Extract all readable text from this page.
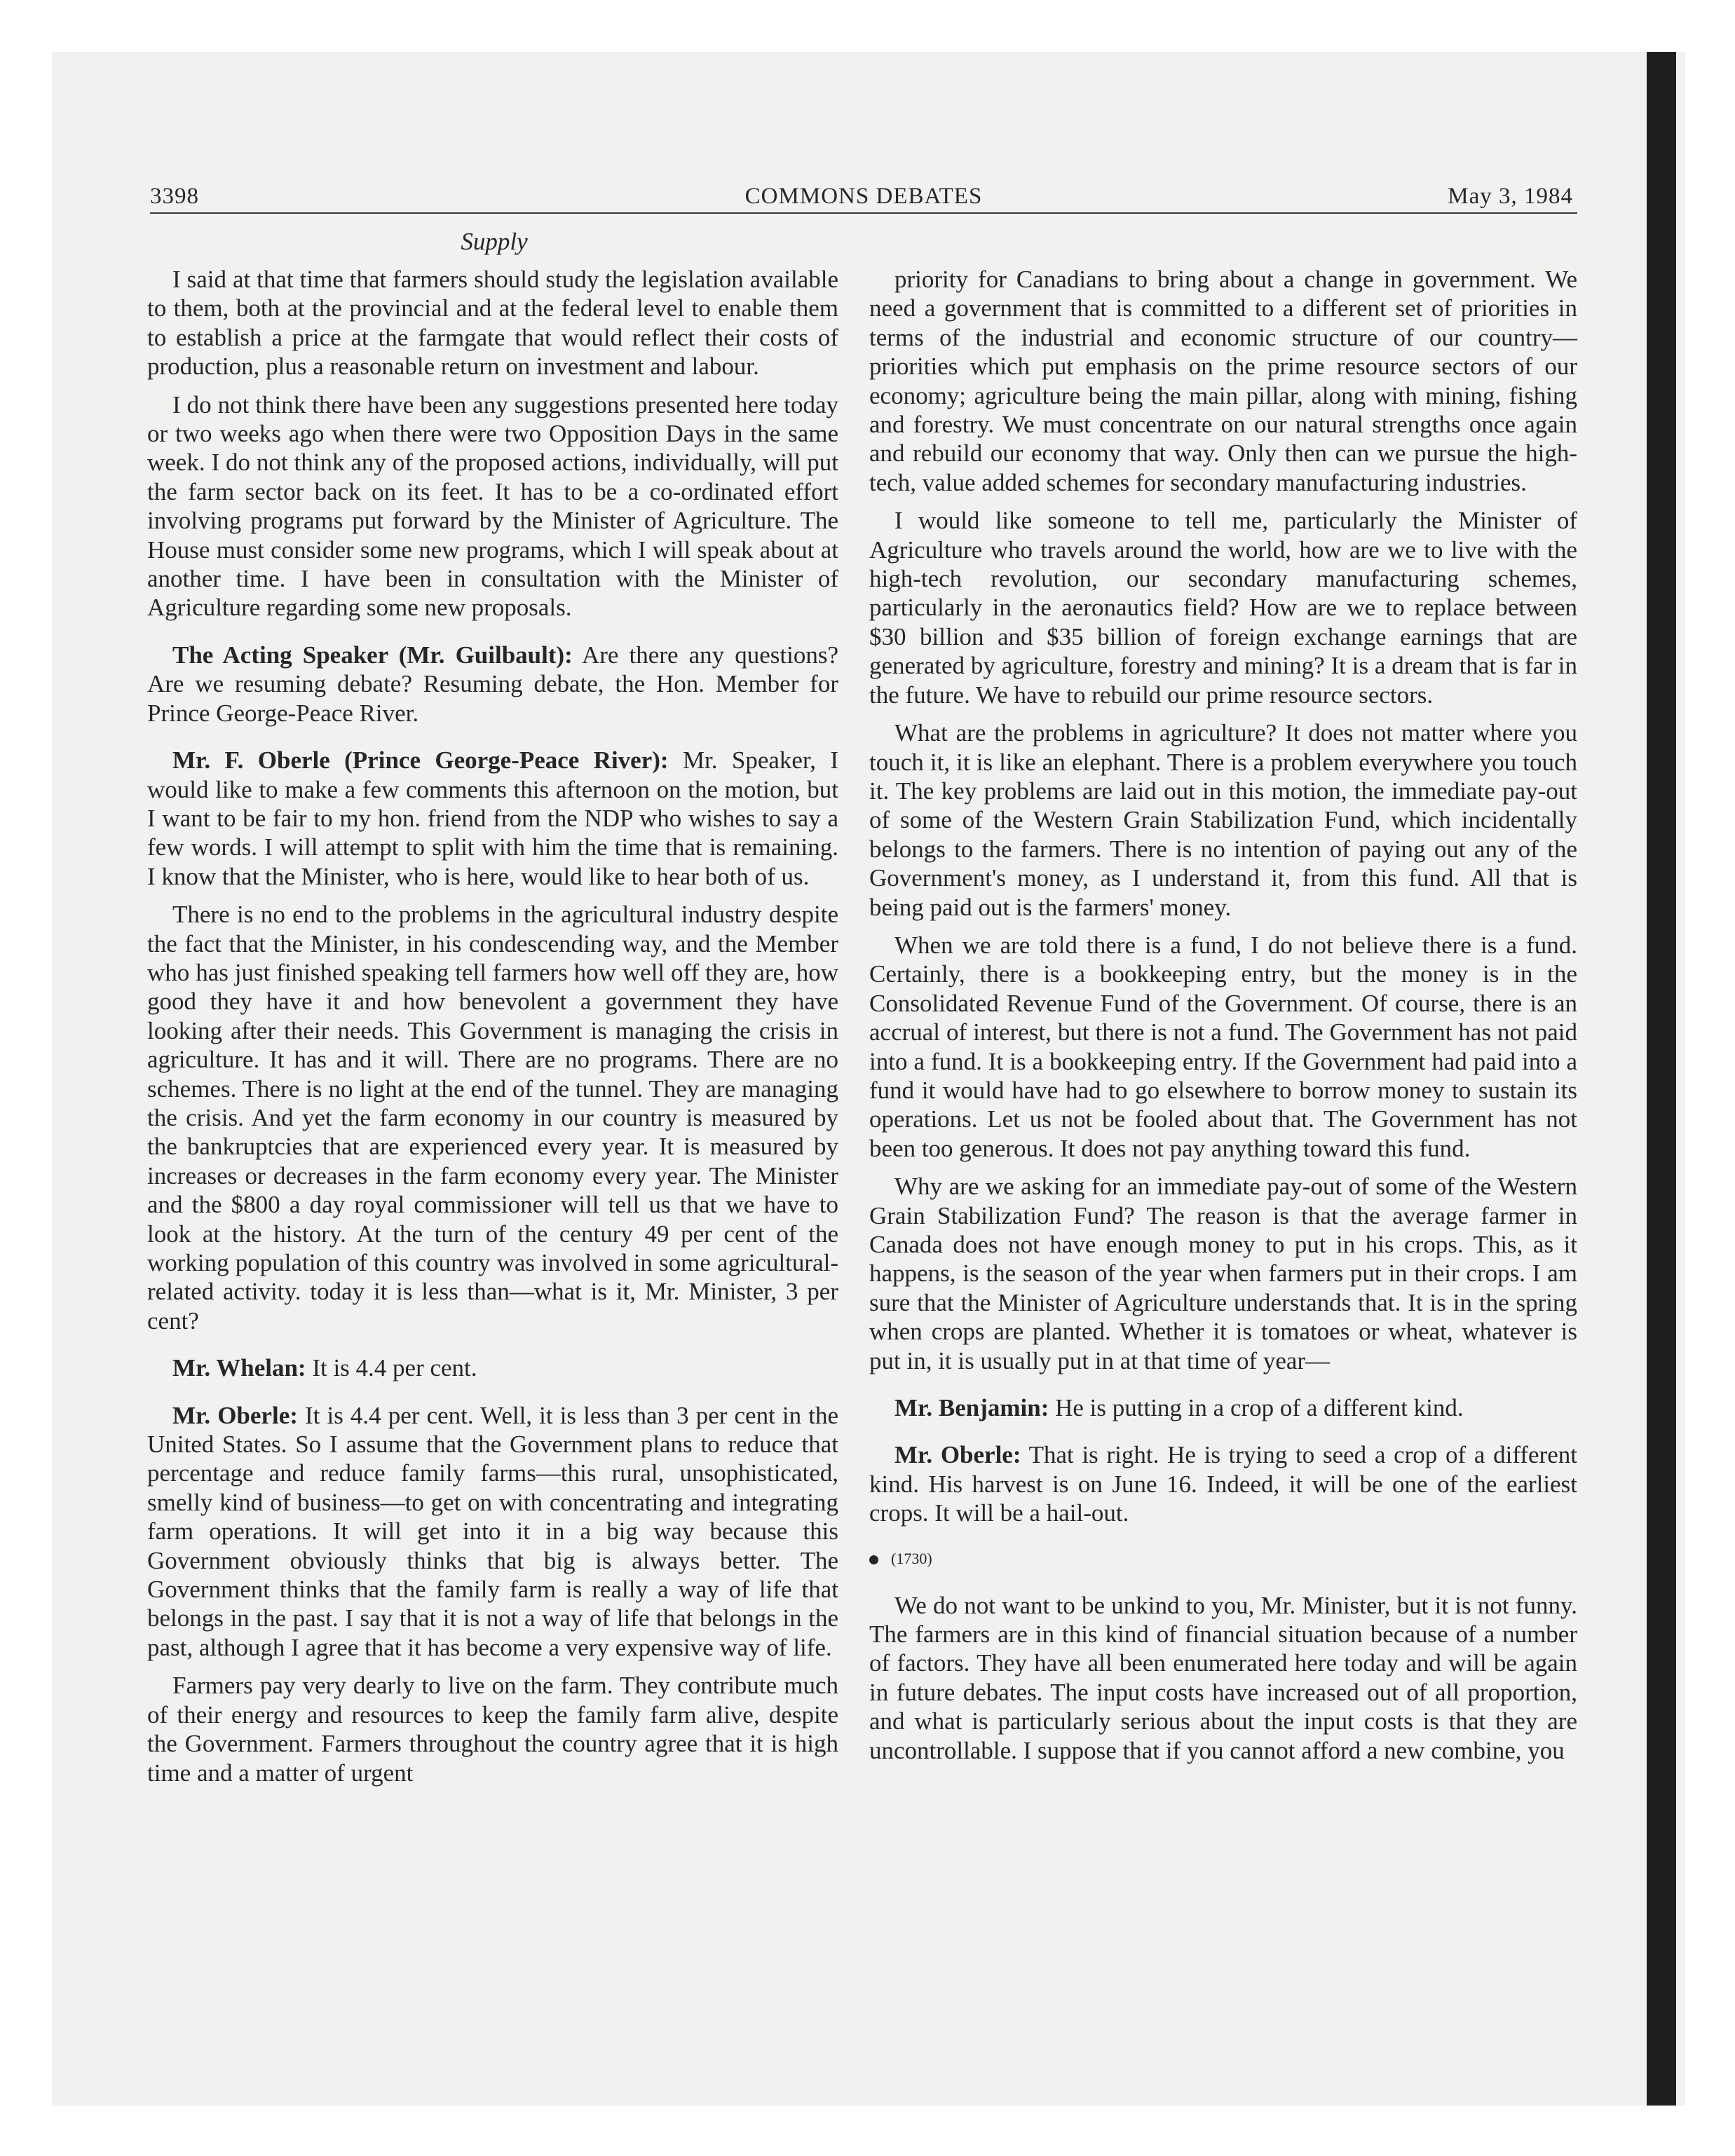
3398	COMMONS DEBATES	May 3, 1984
Supply

I said at that time that farmers should study the legislation available to them, both at the provincial and at the federal level to enable them to establish a price at the farmgate that would reflect their costs of production, plus a reasonable return on investment and labour.

I do not think there have been any suggestions presented here today or two weeks ago when there were two Opposition Days in the same week. I do not think any of the proposed actions, individually, will put the farm sector back on its feet. It has to be a co-ordinated effort involving programs put forward by the Minister of Agriculture. The House must consider some new programs, which I will speak about at another time. I have been in consultation with the Minister of Agriculture regarding some new proposals.

The Acting Speaker (Mr. Guilbault): Are there any questions? Are we resuming debate? Resuming debate, the Hon. Member for Prince George-Peace River.

Mr. F. Oberle (Prince George-Peace River): Mr. Speaker, I would like to make a few comments this afternoon on the motion, but I want to be fair to my hon. friend from the NDP who wishes to say a few words. I will attempt to split with him the time that is remaining. I know that the Minister, who is here, would like to hear both of us.

There is no end to the problems in the agricultural industry despite the fact that the Minister, in his condescending way, and the Member who has just finished speaking tell farmers how well off they are, how good they have it and how benevolent a government they have looking after their needs. This Government is managing the crisis in agriculture. It has and it will. There are no programs. There are no schemes. There is no light at the end of the tunnel. They are managing the crisis. And yet the farm economy in our country is measured by the bankruptcies that are experienced every year. It is measured by increases or decreases in the farm economy every year. The Minister and the $800 a day royal commissioner will tell us that we have to look at the history. At the turn of the century 49 per cent of the working population of this country was involved in some agricultural-related activity. today it is less than—what is it, Mr. Minister, 3 per cent?

Mr. Whelan: It is 4.4 per cent.

Mr. Oberle: It is 4.4 per cent. Well, it is less than 3 per cent in the United States. So I assume that the Government plans to reduce that percentage and reduce family farms—this rural, unsophisticated, smelly kind of business—to get on with concentrating and integrating farm operations. It will get into it in a big way because this Government obviously thinks that big is always better. The Government thinks that the family farm is really a way of life that belongs in the past. I say that it is not a way of life that belongs in the past, although I agree that it has become a very expensive way of life.

Farmers pay very dearly to live on the farm. They contribute much of their energy and resources to keep the family farm alive, despite the Government. Farmers throughout the country agree that it is high time and a matter of urgent

priority for Canadians to bring about a change in government. We need a government that is committed to a different set of priorities in terms of the industrial and economic structure of our country—priorities which put emphasis on the prime resource sectors of our economy; agriculture being the main pillar, along with mining, fishing and forestry. We must concentrate on our natural strengths once again and rebuild our economy that way. Only then can we pursue the high-tech, value added schemes for secondary manufacturing industries.

I would like someone to tell me, particularly the Minister of Agriculture who travels around the world, how are we to live with the high-tech revolution, our secondary manufacturing schemes, particularly in the aeronautics field? How are we to replace between $30 billion and $35 billion of foreign exchange earnings that are generated by agriculture, forestry and mining? It is a dream that is far in the future. We have to rebuild our prime resource sectors.

What are the problems in agriculture? It does not matter where you touch it, it is like an elephant. There is a problem everywhere you touch it. The key problems are laid out in this motion, the immediate pay-out of some of the Western Grain Stabilization Fund, which incidentally belongs to the farmers. There is no intention of paying out any of the Government's money, as I understand it, from this fund. All that is being paid out is the farmers' money.

When we are told there is a fund, I do not believe there is a fund. Certainly, there is a bookkeeping entry, but the money is in the Consolidated Revenue Fund of the Government. Of course, there is an accrual of interest, but there is not a fund. The Government has not paid into a fund. It is a bookkeeping entry. If the Government had paid into a fund it would have had to go elsewhere to borrow money to sustain its operations. Let us not be fooled about that. The Government has not been too generous. It does not pay anything toward this fund.

Why are we asking for an immediate pay-out of some of the Western Grain Stabilization Fund? The reason is that the average farmer in Canada does not have enough money to put in his crops. This, as it happens, is the season of the year when farmers put in their crops. I am sure that the Minister of Agriculture understands that. It is in the spring when crops are planted. Whether it is tomatoes or wheat, whatever is put in, it is usually put in at that time of year—

Mr. Benjamin: He is putting in a crop of a different kind.

Mr. Oberle: That is right. He is trying to seed a crop of a different kind. His harvest is on June 16. Indeed, it will be one of the earliest crops. It will be a hail-out.

(1730)

We do not want to be unkind to you, Mr. Minister, but it is not funny. The farmers are in this kind of financial situation because of a number of factors. They have all been enumerated here today and will be again in future debates. The input costs have increased out of all proportion, and what is particularly serious about the input costs is that they are uncontrollable. I suppose that if you cannot afford a new combine, you
